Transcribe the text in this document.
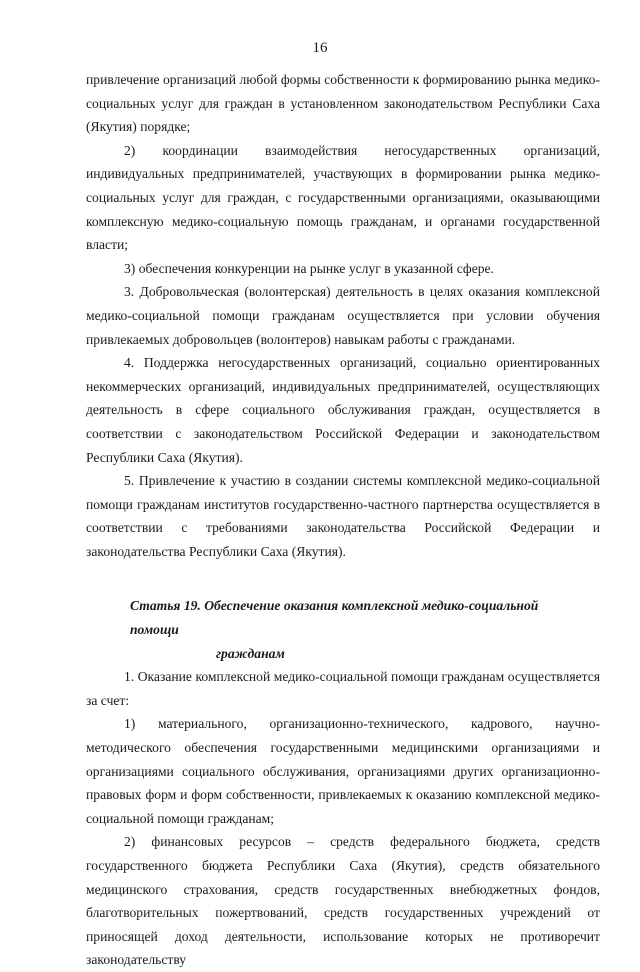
16

привлечение организаций любой формы собственности к формированию рынка медико-социальных услуг для граждан в установленном законодательством Республики Саха (Якутия) порядке;

2) координации взаимодействия негосударственных организаций, индивидуальных предпринимателей, участвующих в формировании рынка медико-социальных услуг для граждан, с государственными организациями, оказывающими комплексную медико-социальную помощь гражданам, и органами государственной власти;

3) обеспечения конкуренции на рынке услуг в указанной сфере.

3. Добровольческая (волонтерская) деятельность в целях оказания комплексной медико-социальной помощи гражданам осуществляется при условии обучения привлекаемых добровольцев (волонтеров) навыкам работы с гражданами.

4. Поддержка негосударственных организаций, социально ориентированных некоммерческих организаций, индивидуальных предпринимателей, осуществляющих деятельность в сфере социального обслуживания граждан, осуществляется в соответствии с законодательством Российской Федерации и законодательством Республики Саха (Якутия).

5. Привлечение к участию в создании системы комплексной медико-социальной помощи гражданам институтов государственно-частного партнерства осуществляется в соответствии с требованиями законодательства Российской Федерации и законодательства Республики Саха (Якутия).

Статья 19. Обеспечение оказания комплексной медико-социальной помощи
гражданам

1. Оказание комплексной медико-социальной помощи гражданам осуществляется за счет:

1) материального, организационно-технического, кадрового, научно-методического обеспечения государственными медицинскими организациями и организациями социального обслуживания, организациями других организационно-правовых форм и форм собственности, привлекаемых к оказанию комплексной медико-социальной помощи гражданам;

2) финансовых ресурсов – средств федерального бюджета, средств государственного бюджета Республики Саха (Якутия), средств обязательного медицинского страхования, средств государственных внебюджетных фондов, благотворительных пожертвований, средств государственных учреждений от приносящей доход деятельности, использование которых не противоречит законодательству
